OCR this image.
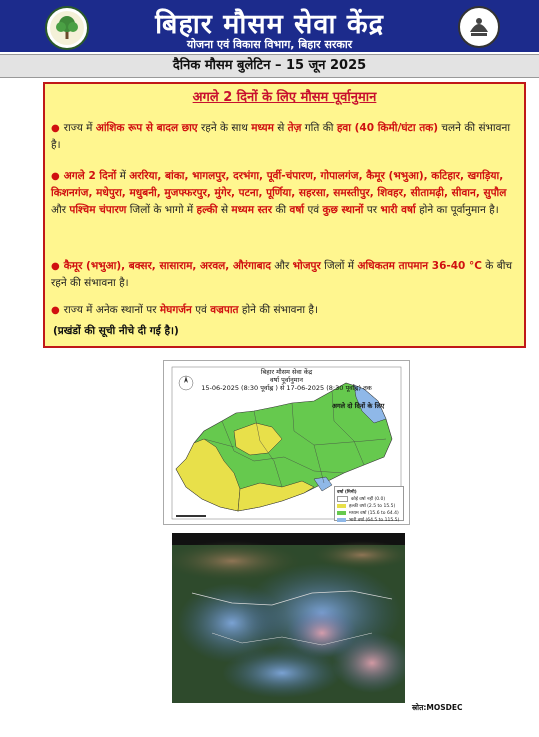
बिहार मौसम सेवा केंद्र
योजना एवं विकास विभाग, बिहार सरकार
दैनिक मौसम बुलेटिन – 15 जून 2025
अगले 2 दिनों के लिए मौसम पूर्वानुमान
● राज्य में आंशिक रूप से बादल छाए रहने के साथ मध्यम से तेज़ गति की हवा (40 किमी/घंटा तक) चलने की संभावना है।
● अगले 2 दिनों में अररिया, बांका, भागलपुर, दरभंगा, पूर्वी-चंपारण, गोपालगंज, कैमूर (भभुआ), कटिहार, खगड़िया, किशनगंज, मधेपुरा, मधुबनी, मुजफ्फरपुर, मुंगेर, पटना, पूर्णिया, सहरसा, समस्तीपुर, शिवहर, सीतामढ़ी, सीवान, सुपौल और पश्चिम चंपारण जिलों के भागो में हल्की से मध्यम स्तर की वर्षा एवं कुछ स्थानों पर भारी वर्षा होने का पूर्वानुमान है।
● कैमूर (भभुआ), बक्सर, सासाराम, अरवल, औरंगाबाद और भोजपुर जिलों में अधिकतम तापमान 36-40 °C के बीच रहने की संभावना है।
● राज्य में अनेक स्थानों पर मेघगर्जन एवं वज्रपात होने की संभावना है।
(प्रखंडों की सूची नीचे दी गई है।)
बिहार मौसम सेवा केंद्र
वर्षा पूर्वानुमान
15-06-2025 (8:30 पूर्वाह्न ) से 17-06-2025 (8:30 पूर्वाह्न) तक
अगले दो दिनों के लिए
वर्षा (मिमी)
कोई वर्षा नहीं (0.0)
हल्की वर्षा (2.5 to 15.5)
मध्यम वर्षा (15.6 to 64.4)
भारी वर्षा (64.5 to 115.5)
स्रोत:MOSDEC
